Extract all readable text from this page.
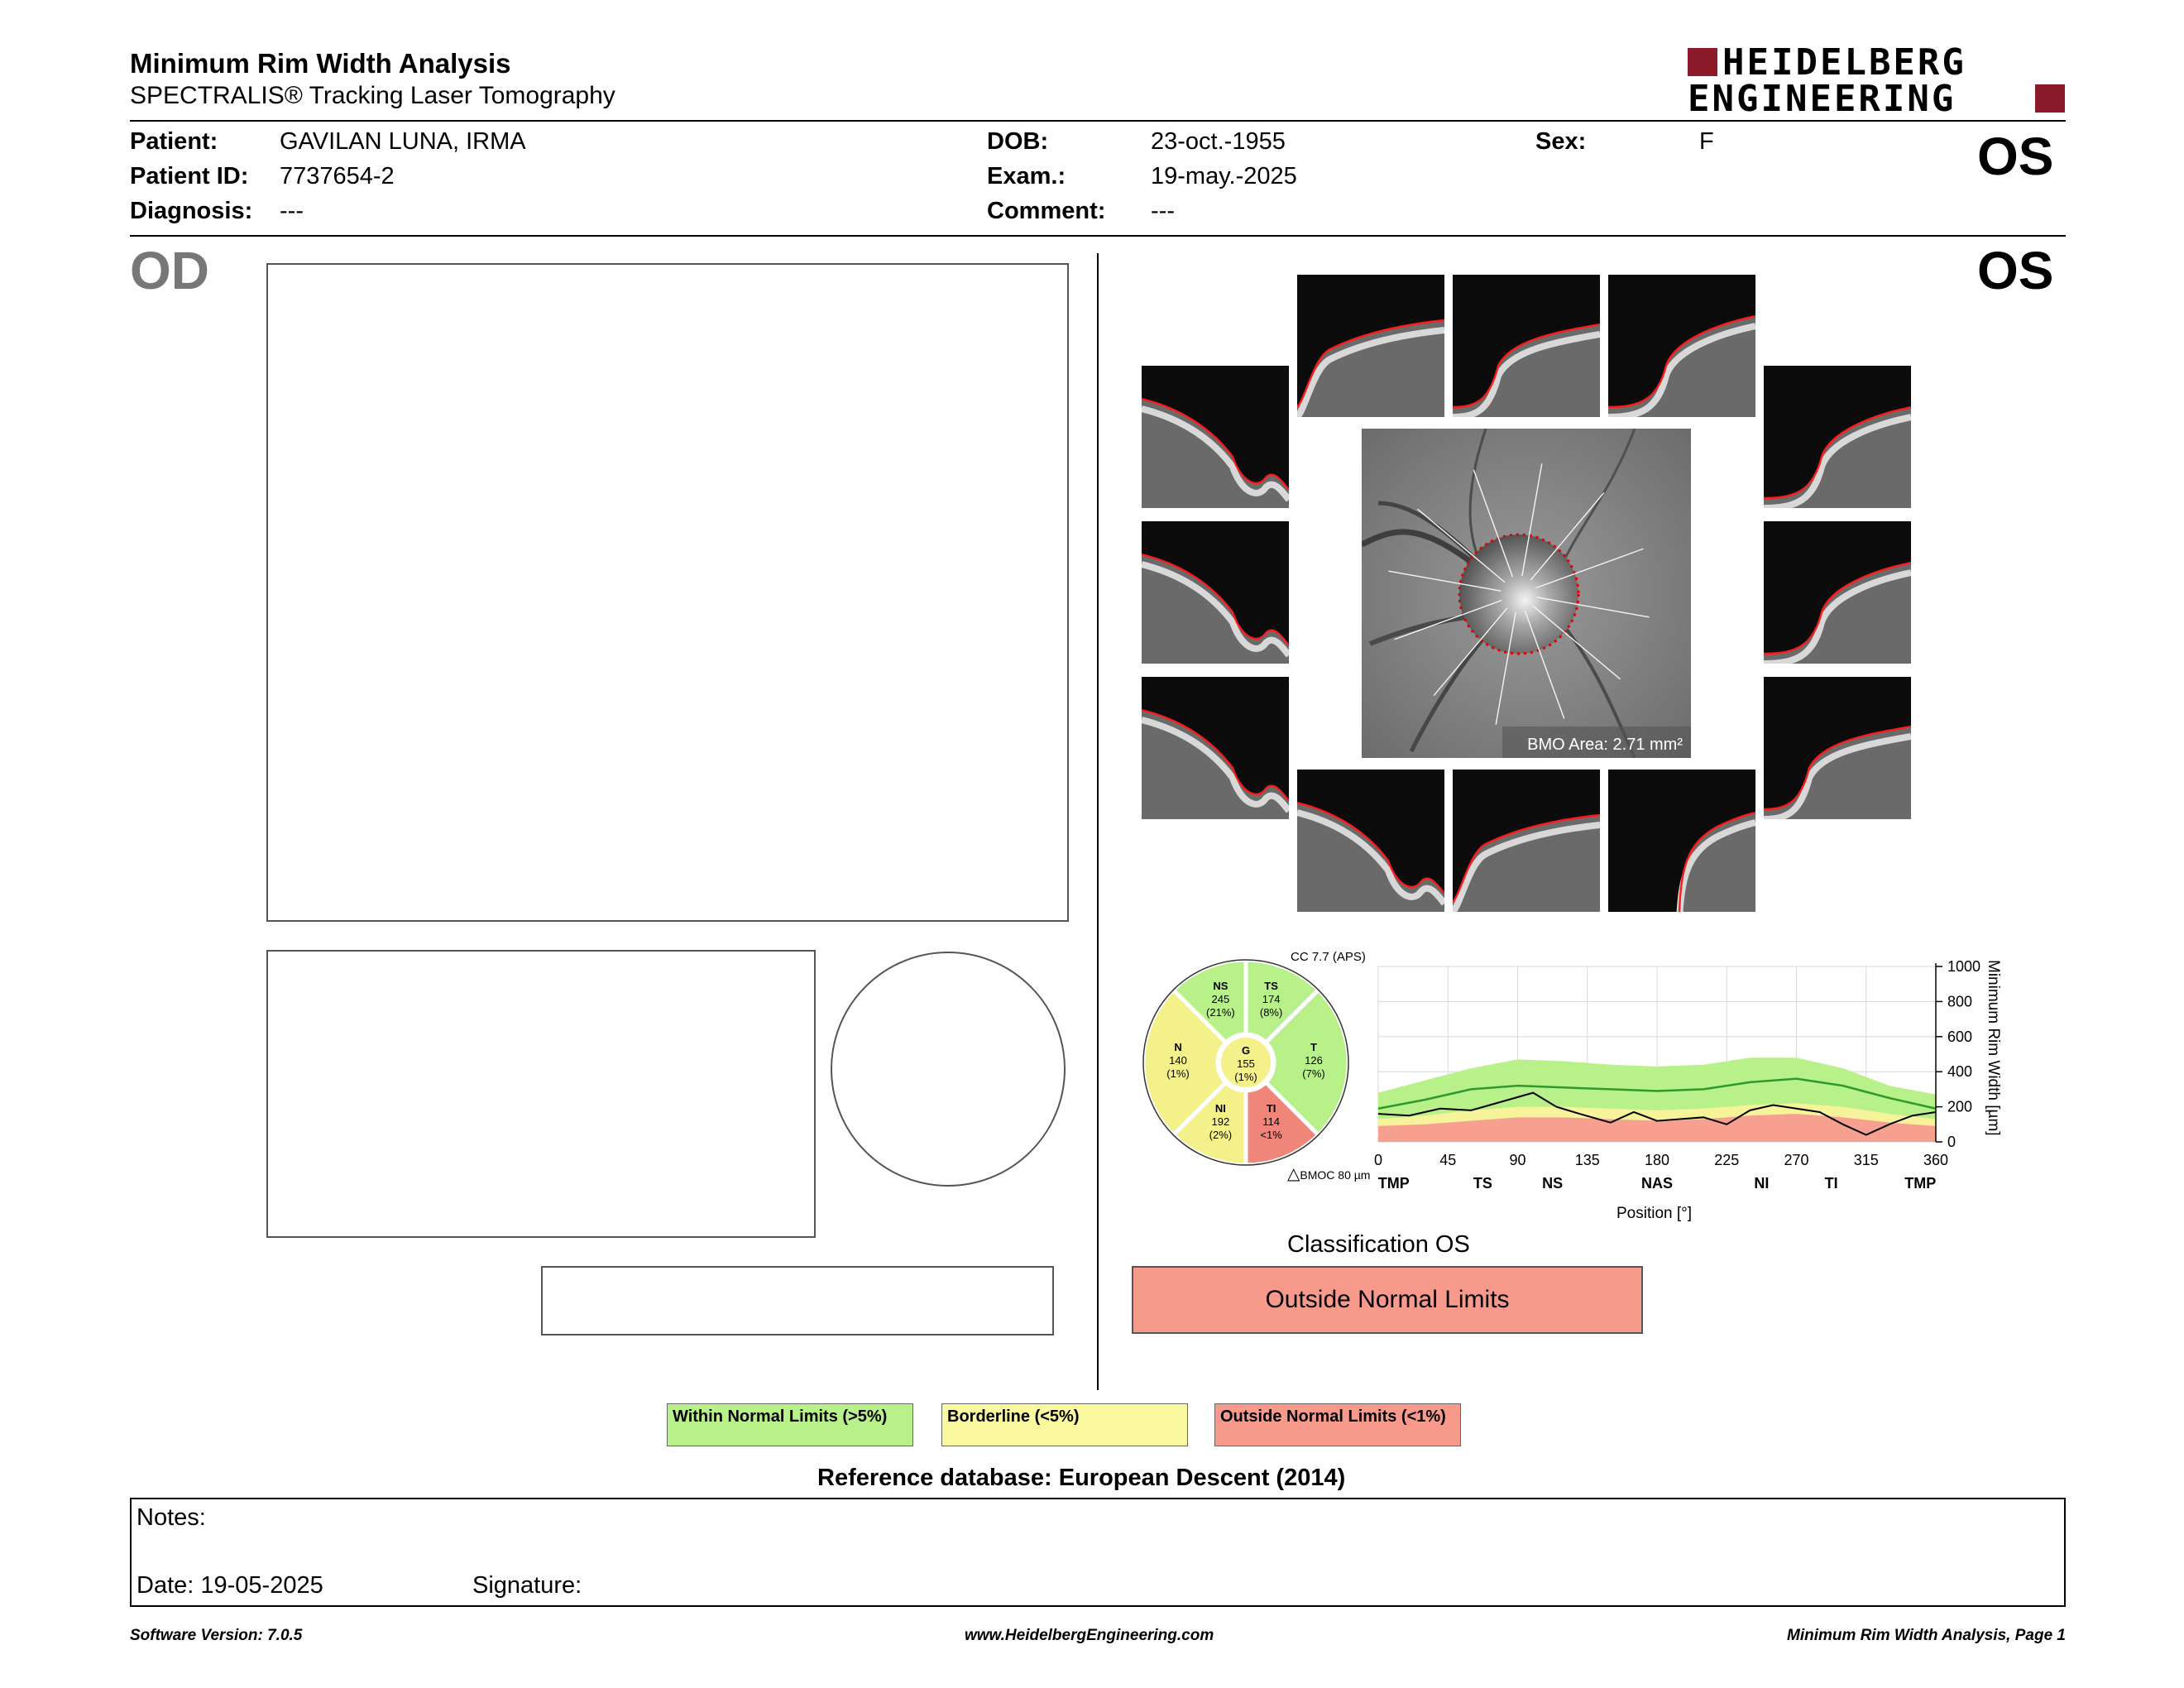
Minimum Rim Width Analysis
SPECTRALIS® Tracking Laser Tomography
HEIDELBERG
ENGINEERING
Patient:	GAVILAN LUNA, IRMA
Patient ID: 7737654-2
Diagnosis: ---
DOB:	23-oct.-1955
Exam.:	19-may.-2025
Comment: ---
Sex:	F	OS
OD	OS
BMO Area: 2.71 mm²
TS
174
(8%)
T
126
(7%)
TI
114
<1%
NI
192
(2%)
N
140
(1%)
NS
245
(21%)
G
155
(1%)
CC 7.7 (APS)
△BMOC 80 µm
0
200
400
600
800
1000
0	45	90	135	180	225	270	315	360
TMP	TS	NS	NAS	NI	TI	TMP
Position [°]
Minimum Rim Width [µm]
Classification OS
Outside Normal Limits
Within Normal Limits (>5%)	Borderline (<5%)	Outside Normal Limits (<1%)
Reference database: European Descent (2014)
Notes:
Date: 19-05-2025	Signature:
Software Version: 7.0.5	www.HeidelbergEngineering.com	Minimum Rim Width Analysis, Page 1
